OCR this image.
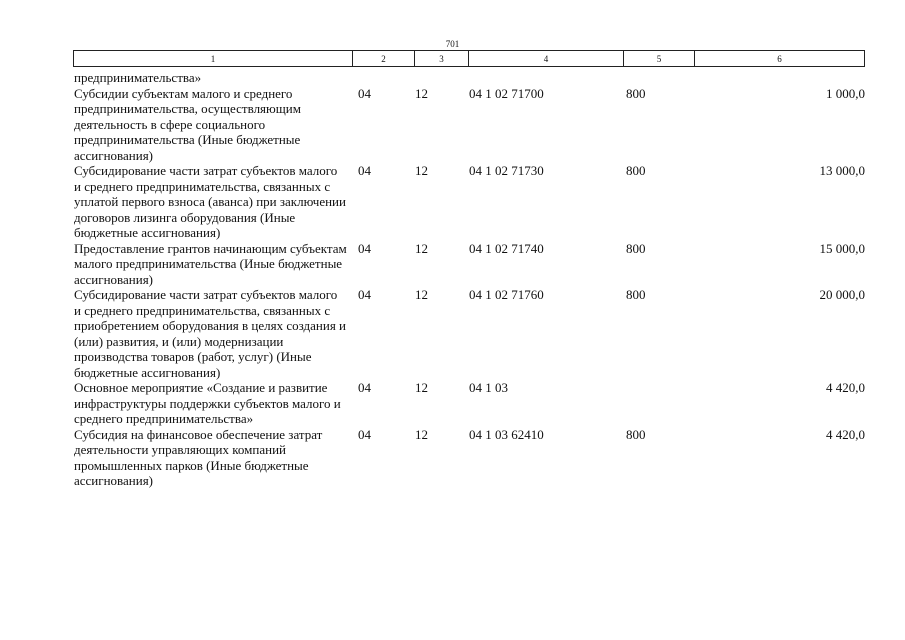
701
1	2	3	4	5	6
предпринимательства»					
Субсидии субъектам малого и среднего предпринимательства, осуществляющим деятельность в сфере социального предпринимательства (Иные бюджетные ассигнования)	04	12	04 1 02 71700	800	1 000,0
Субсидирование части затрат субъектов малого и среднего предпринимательства, связанных с уплатой первого взноса (аванса) при заключении договоров лизинга оборудования (Иные бюджетные ассигнования)	04	12	04 1 02 71730	800	13 000,0
Предоставление грантов начинающим субъектам малого предпринимательства (Иные бюджетные ассигнования)	04	12	04 1 02 71740	800	15 000,0
Субсидирование части затрат субъектов малого и среднего предпринимательства, связанных с приобретением оборудования в целях создания и (или) развития, и (или) модернизации производства товаров (работ, услуг) (Иные бюджетные ассигнования)	04	12	04 1 02 71760	800	20 000,0
Основное мероприятие «Создание и развитие инфраструктуры поддержки субъектов малого и среднего предпринимательства»	04	12	04 1 03		4 420,0
Субсидия на финансовое обеспечение затрат деятельности управляющих компаний промышленных парков (Иные бюджетные ассигнования)	04	12	04 1 03 62410	800	4 420,0
